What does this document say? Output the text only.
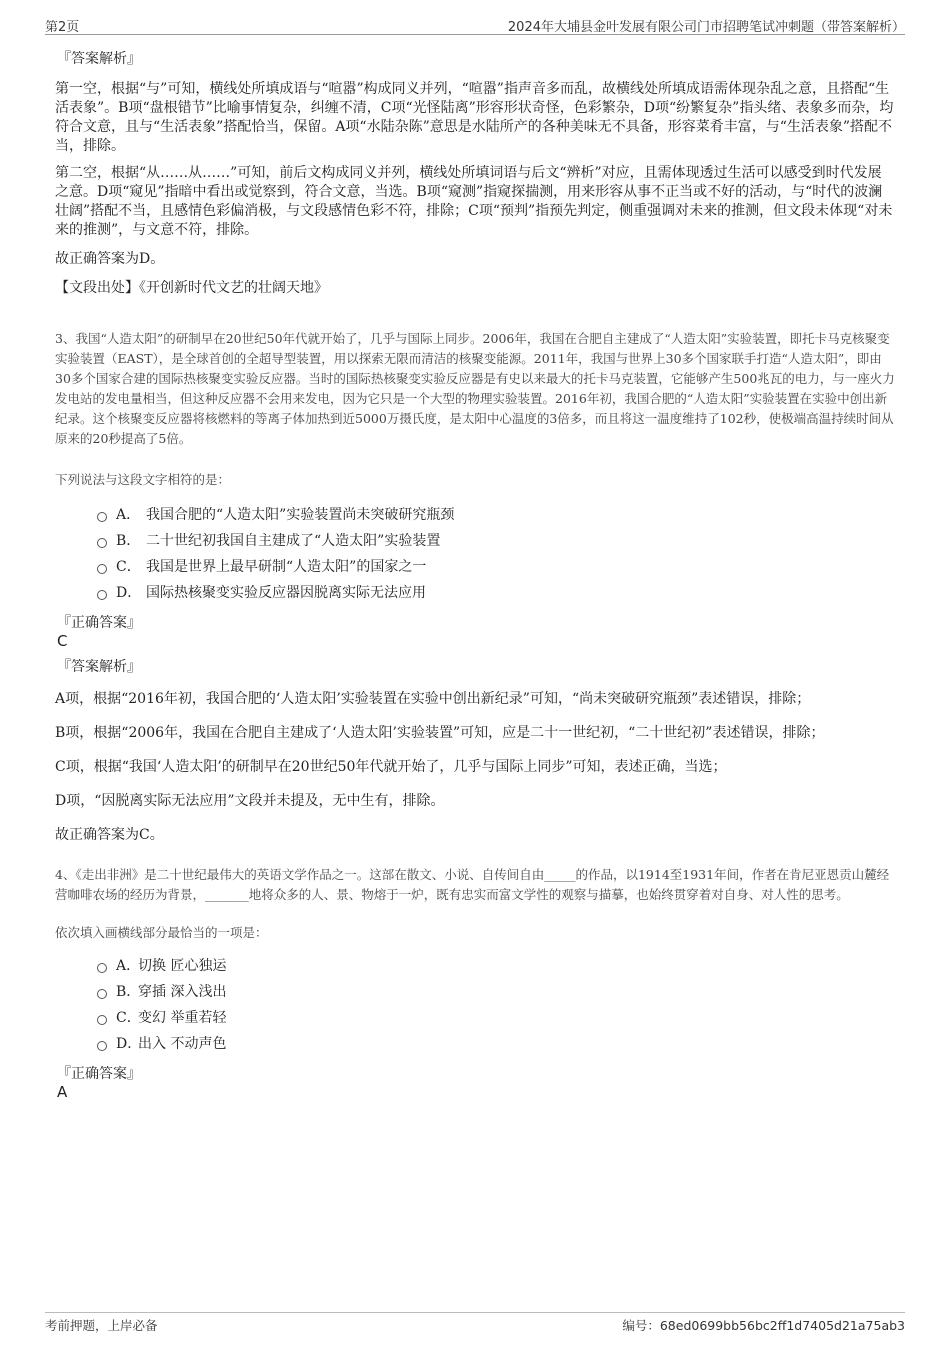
第2页	2024年大埔县金叶发展有限公司门市招聘笔试冲刺题（带答案解析）
『答案解析』

第一空，根据“与”可知，横线处所填成语与“喧嚣”构成同义并列，“喧嚣”指声音多而乱，故横线处所填成语需体现杂乱之意，且搭配“生活表象”。B项“盘根错节”比喻事情复杂，纠缠不清，C项“光怪陆离”形容形状奇怪，色彩繁杂，D项“纷繁复杂”指头绪、表象多而杂，均符合文意，且与“生活表象”搭配恰当，保留。A项“水陆杂陈”意思是水陆所产的各种美味无不具备，形容菜肴丰富，与“生活表象”搭配不当，排除。

第二空，根据“从……从……”可知，前后文构成同义并列，横线处所填词语与后文“辨析”对应，且需体现透过生活可以感受到时代发展之意。D项“窥见”指暗中看出或觉察到，符合文意，当选。B项“窥测”指窥探揣测，用来形容从事不正当或不好的活动，与“时代的波澜壮阔”搭配不当，且感情色彩偏消极，与文段感情色彩不符，排除；C项“预判”指预先判定，侧重强调对未来的推测，但文段未体现“对未来的推测”，与文意不符，排除。

故正确答案为D。

【文段出处】《开创新时代文艺的壮阔天地》

3、我国“人造太阳”的研制早在20世纪50年代就开始了，几乎与国际上同步。2006年，我国在合肥自主建成了“人造太阳”实验装置，即托卡马克核聚变实验装置（EAST），是全球首创的全超导型装置，用以探索无限而清洁的核聚变能源。2011年，我国与世界上30多个国家联手打造“人造太阳”，即由30多个国家合建的国际热核聚变实验反应器。当时的国际热核聚变实验反应器是有史以来最大的托卡马克装置，它能够产生500兆瓦的电力，与一座火力发电站的发电量相当，但这种反应器不会用来发电，因为它只是一个大型的物理实验装置。2016年初，我国合肥的“人造太阳”实验装置在实验中创出新纪录。这个核聚变反应器将核燃料的等离子体加热到近5000万摄氏度，是太阳中心温度的3倍多，而且将这一温度维持了102秒，使极端高温持续时间从原来的20秒提高了5倍。

下列说法与这段文字相符的是：

A． 我国合肥的“人造太阳”实验装置尚未突破研究瓶颈
B． 二十世纪初我国自主建成了“人造太阳”实验装置
C． 我国是世界上最早研制“人造太阳”的国家之一
D． 国际热核聚变实验反应器因脱离实际无法应用
『正确答案』
C
『答案解析』

A项，根据“2016年初，我国合肥的‘人造太阳’实验装置在实验中创出新纪录”可知，“尚未突破研究瓶颈”表述错误，排除；

B项，根据“2006年，我国在合肥自主建成了‘人造太阳’实验装置”可知，应是二十一世纪初，“二十世纪初”表述错误，排除；

C项，根据“我国‘人造太阳’的研制早在20世纪50年代就开始了，几乎与国际上同步”可知，表述正确，当选；

D项，“因脱离实际无法应用”文段并未提及，无中生有，排除。

故正确答案为C。

4、《走出非洲》是二十世纪最伟大的英语文学作品之一。这部在散文、小说、自传间自由_____的作品，以1914至1931年间，作者在肯尼亚恩贡山麓经营咖啡农场的经历为背景，_______地将众多的人、景、物熔于一炉，既有忠实而富文学性的观察与描摹，也始终贯穿着对自身、对人性的思考。

依次填入画横线部分最恰当的一项是：

A．
切换 匠心独运
B．
穿插 深入浅出
C．
变幻 举重若轻
D．
出入 不动声色
『正确答案』
A
考前押题，上岸必备	编号：68ed0699bb56bc2ff1d7405d21a75ab3
